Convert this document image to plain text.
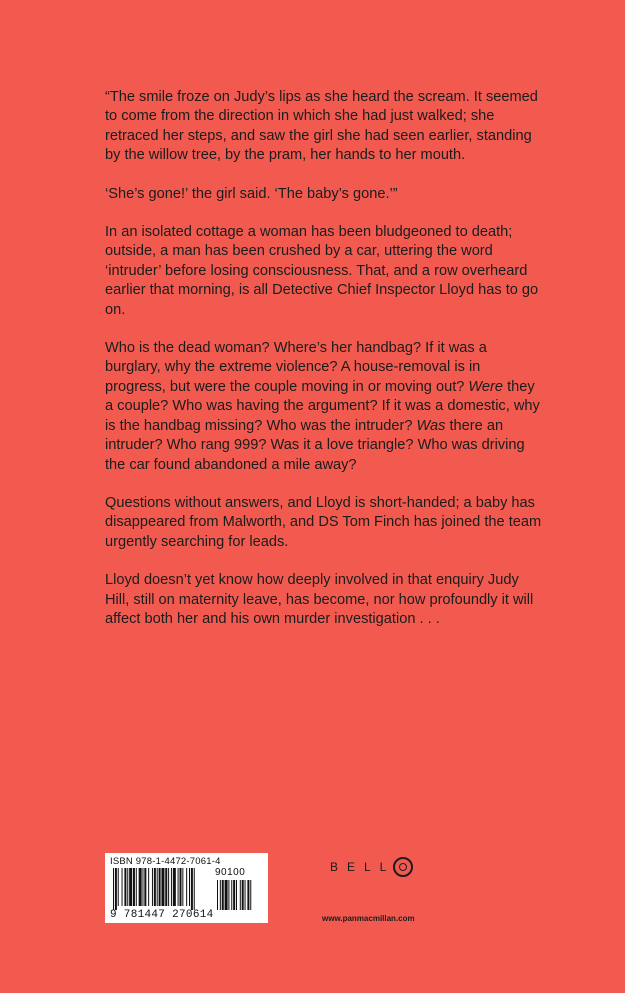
“The smile froze on Judy’s lips as she heard the scream. It seemed to come from the direction in which she had just walked; she retraced her steps, and saw the girl she had seen earlier, standing by the willow tree, by the pram, her hands to her mouth.

‘She’s gone!’ the girl said. ‘The baby’s gone.’”

In an isolated cottage a woman has been bludgeoned to death; outside, a man has been crushed by a car, uttering the word ‘intruder’ before losing consciousness. That, and a row overheard earlier that morning, is all Detective Chief Inspector Lloyd has to go on.

Who is the dead woman? Where’s her handbag? If it was a burglary, why the extreme violence? A house-removal is in progress, but were the couple moving in or moving out? Were they a couple? Who was having the argument? If it was a domestic, why is the handbag missing? Who was the intruder? Was there an intruder? Who rang 999? Was it a love triangle? Who was driving the car found abandoned a mile away?

Questions without answers, and Lloyd is short-handed; a baby has disappeared from Malworth, and DS Tom Finch has joined the team urgently searching for leads.

Lloyd doesn’t yet know how deeply involved in that enquiry Judy Hill, still on maternity leave, has become, nor how profoundly it will affect both her and his own murder investigation . . .

ISBN 978-1-4472-7061-4
90100
9 781447 270614
BELL
www.panmacmillan.com
